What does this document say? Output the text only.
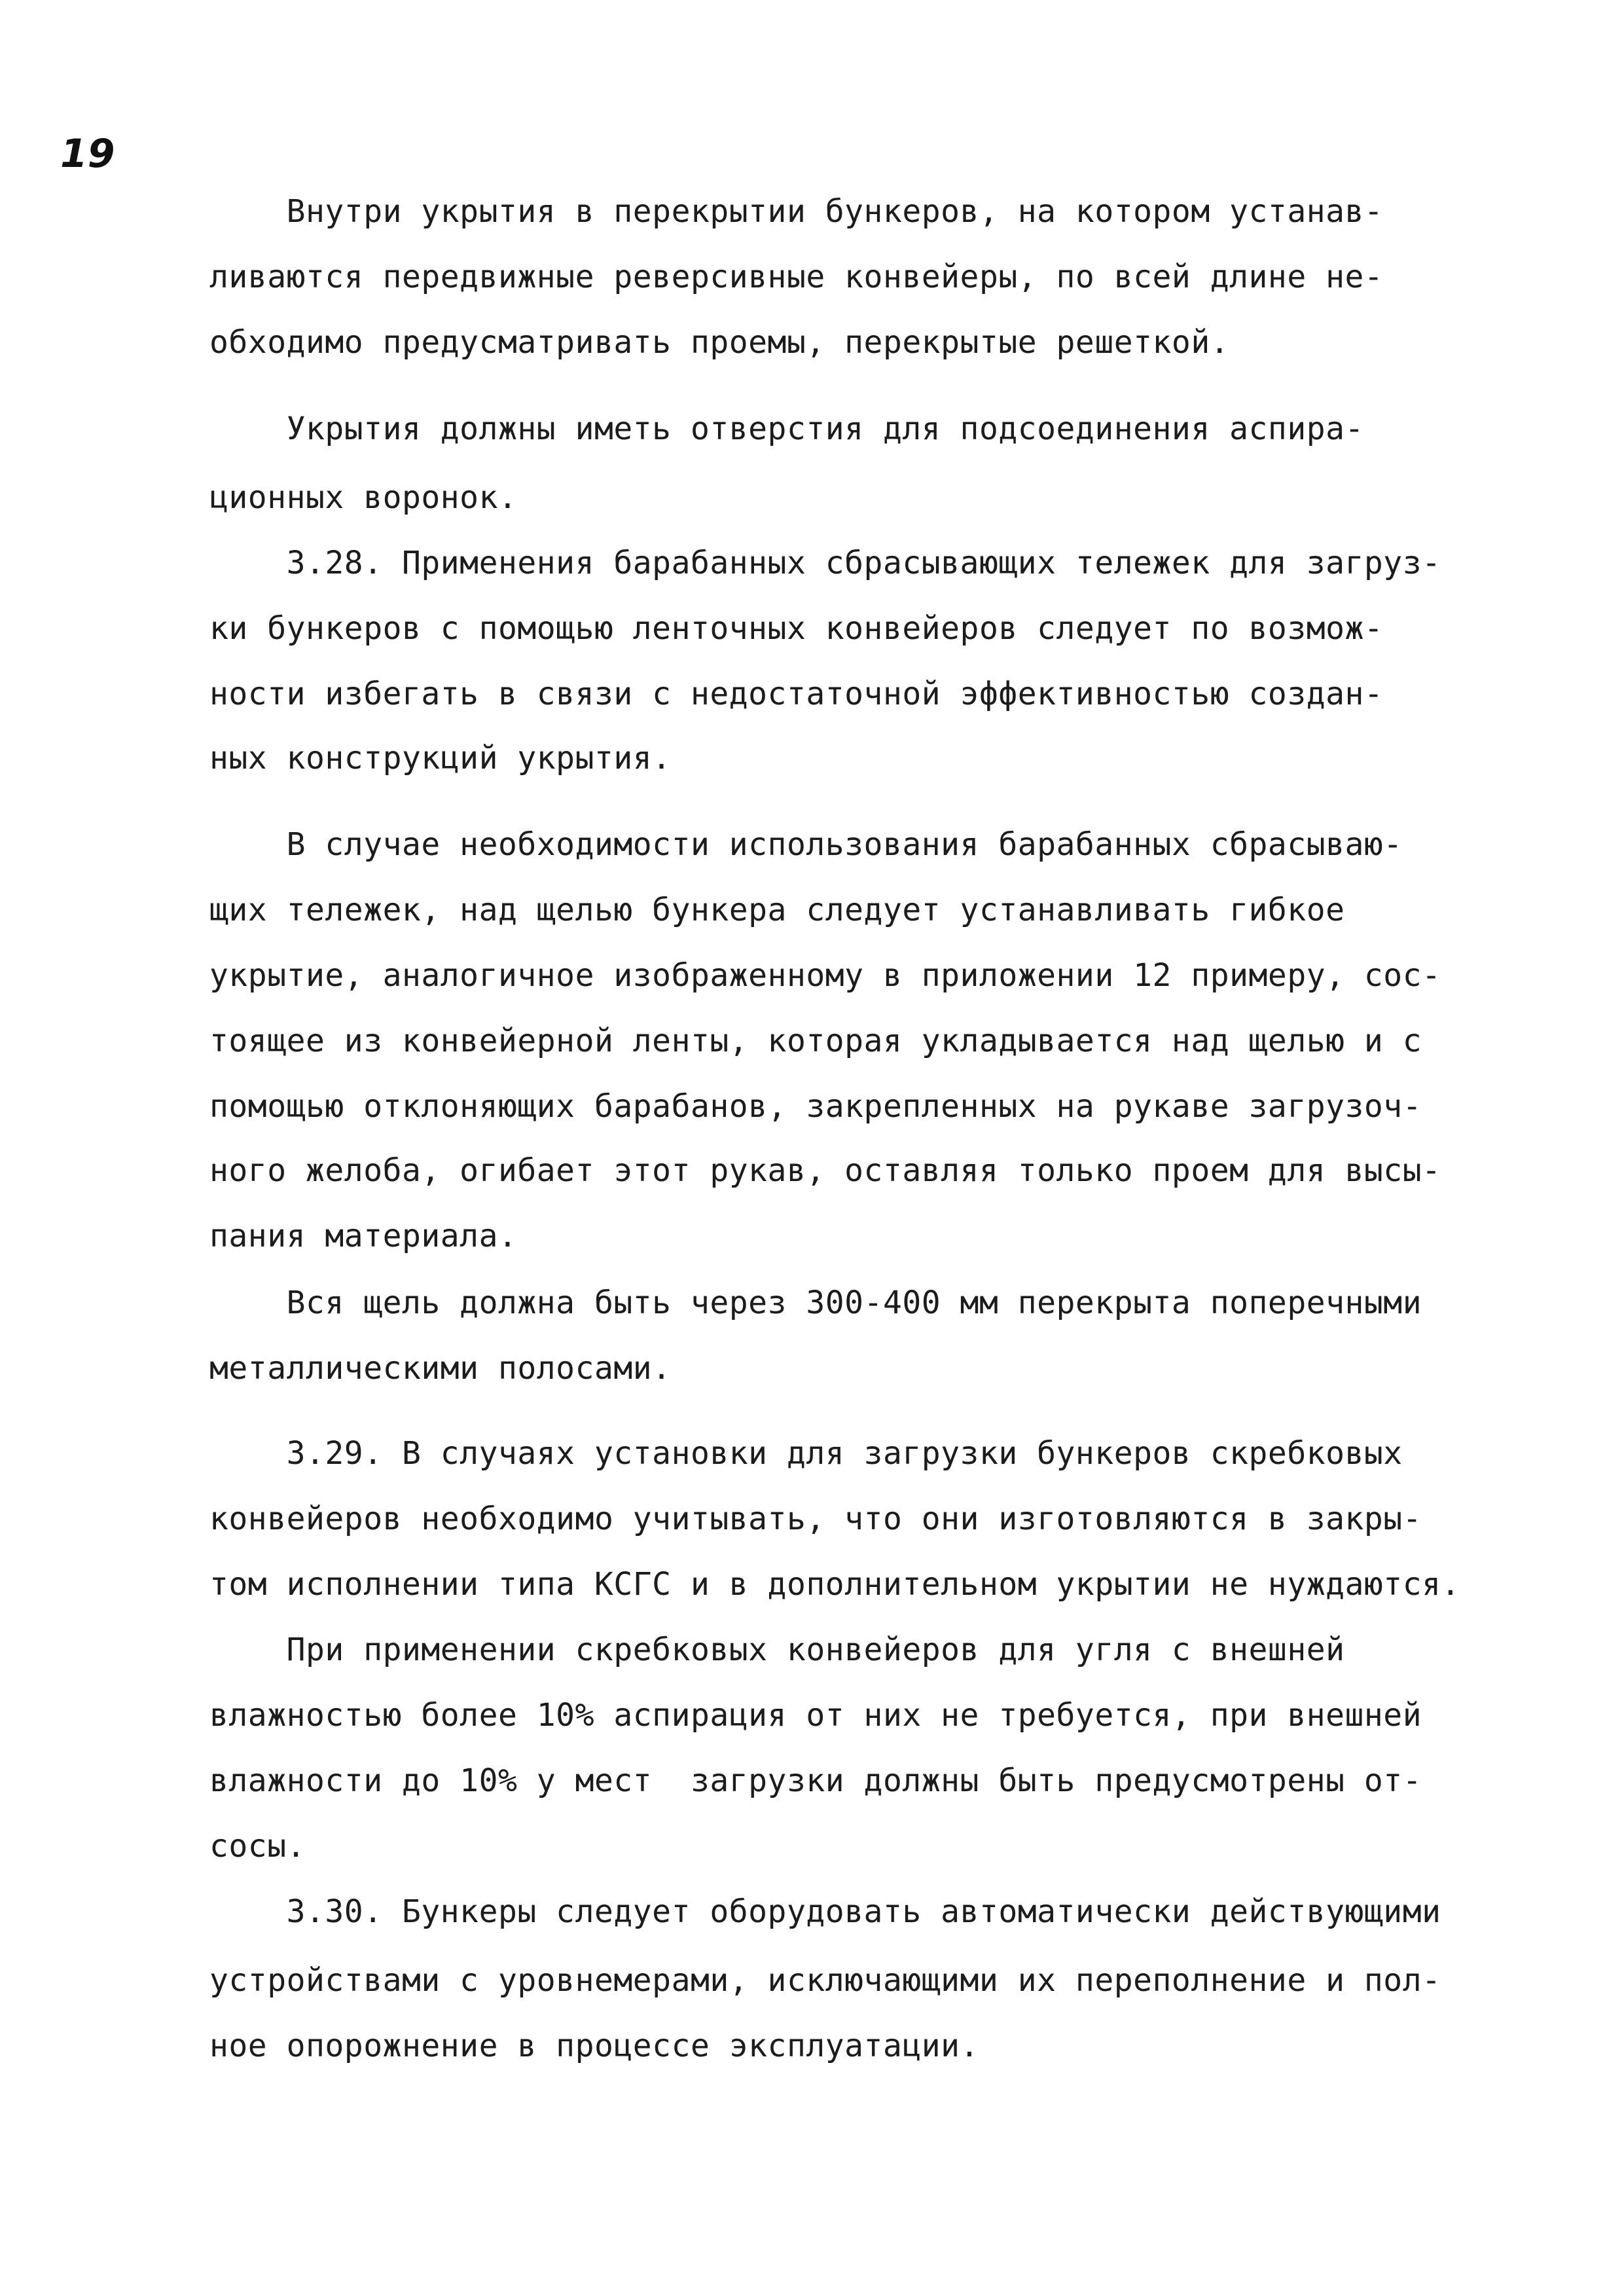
19
Внутри укрытия в перекрытии бункеров, на котором устанав-
ливаются передвижные реверсивные конвейеры, по всей длине не-
обходимо предусматривать проемы, перекрытые решеткой.
Укрытия должны иметь отверстия для подсоединения аспира-
ционных воронок.
3.28. Применения барабанных сбрасывающих тележек для загруз-
ки бункеров с помощью ленточных конвейеров следует по возмож-
ности избегать в связи с недостаточной эффективностью создан-
ных конструкций укрытия.
В случае необходимости использования барабанных сбрасываю-
щих тележек, над щелью бункера следует устанавливать гибкое
укрытие, аналогичное изображенному в приложении 12 примеру, сос-
тоящее из конвейерной ленты, которая укладывается над щелью и с
помощью отклоняющих барабанов, закрепленных на рукаве загрузоч-
ного желоба, огибает этот рукав, оставляя только проем для высы-
пания материала.
Вся щель должна быть через 300-400 мм перекрыта поперечными
металлическими полосами.
3.29. В случаях установки для загрузки бункеров скребковых
конвейеров необходимо учитывать, что они изготовляются в закры-
том исполнении типа КСГС и в дополнительном укрытии не нуждаются.
При применении скребковых конвейеров для угля с внешней
влажностью более 10% аспирация от них не требуется, при внешней
влажности до 10% у мест  загрузки должны быть предусмотрены от-
сосы.
3.30. Бункеры следует оборудовать автоматически действующими
устройствами с уровнемерами, исключающими их переполнение и пол-
ное опорожнение в процессе эксплуатации.
